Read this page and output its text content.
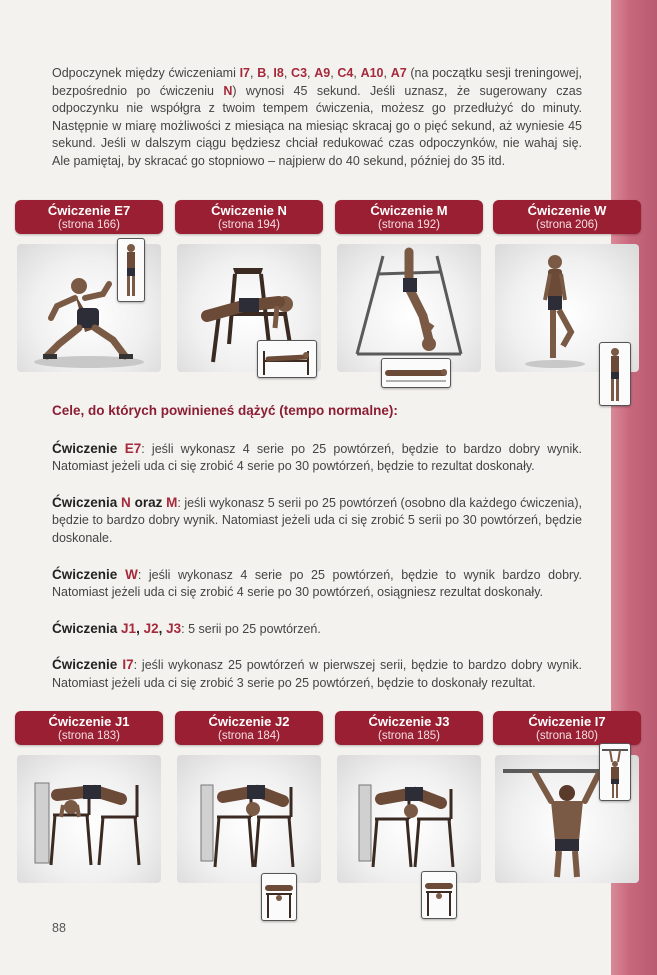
Odpoczynek między ćwiczeniami I7, B, I8, C3, A9, C4, A10, A7 (na początku sesji treningowej, bezpośrednio po ćwiczeniu N) wynosi 45 sekund. Jeśli uznasz, że sugerowany czas odpoczynku nie współgra z twoim tempem ćwiczenia, możesz go przedłużyć do minuty. Następnie w miarę możliwości z miesiąca na miesiąc skracaj go o pięć sekund, aż wyniesie 45 sekund. Jeśli w dalszym ciągu będziesz chciał redukować czas odpoczynków, nie wahaj się. Ale pamiętaj, by skracać go stopniowo – najpierw do 40 sekund, później do 35 itd.

Ćwiczenie E7
(strona 166)
Ćwiczenie N
(strona 194)
Ćwiczenie M
(strona 192)
Ćwiczenie W
(strona 206)

Cele, do których powinieneś dążyć (tempo normalne):

Ćwiczenie E7: jeśli wykonasz 4 serie po 25 powtórzeń, będzie to bardzo dobry wynik. Natomiast jeżeli uda ci się zrobić 4 serie po 30 powtórzeń, będzie to rezultat doskonały.

Ćwiczenia N oraz M: jeśli wykonasz 5 serii po 25 powtórzeń (osobno dla każdego ćwiczenia), będzie to bardzo dobry wynik. Natomiast jeżeli uda ci się zrobić 5 serii po 30 powtórzeń, będzie doskonale.

Ćwiczenie W: jeśli wykonasz 4 serie po 25 powtórzeń, będzie to wynik bardzo dobry. Natomiast jeżeli uda ci się zrobić 4 serie po 30 powtórzeń, osiągniesz rezultat doskonały.

Ćwiczenia J1, J2, J3: 5 serii po 25 powtórzeń.

Ćwiczenie I7: jeśli wykonasz 25 powtórzeń w pierwszej serii, będzie to bardzo dobry wynik. Natomiast jeżeli uda ci się zrobić 3 serie po 25 powtórzeń, będzie to doskonały rezultat.

Ćwiczenie J1
(strona 183)
Ćwiczenie J2
(strona 184)
Ćwiczenie J3
(strona 185)
Ćwiczenie I7
(strona 180)
88
